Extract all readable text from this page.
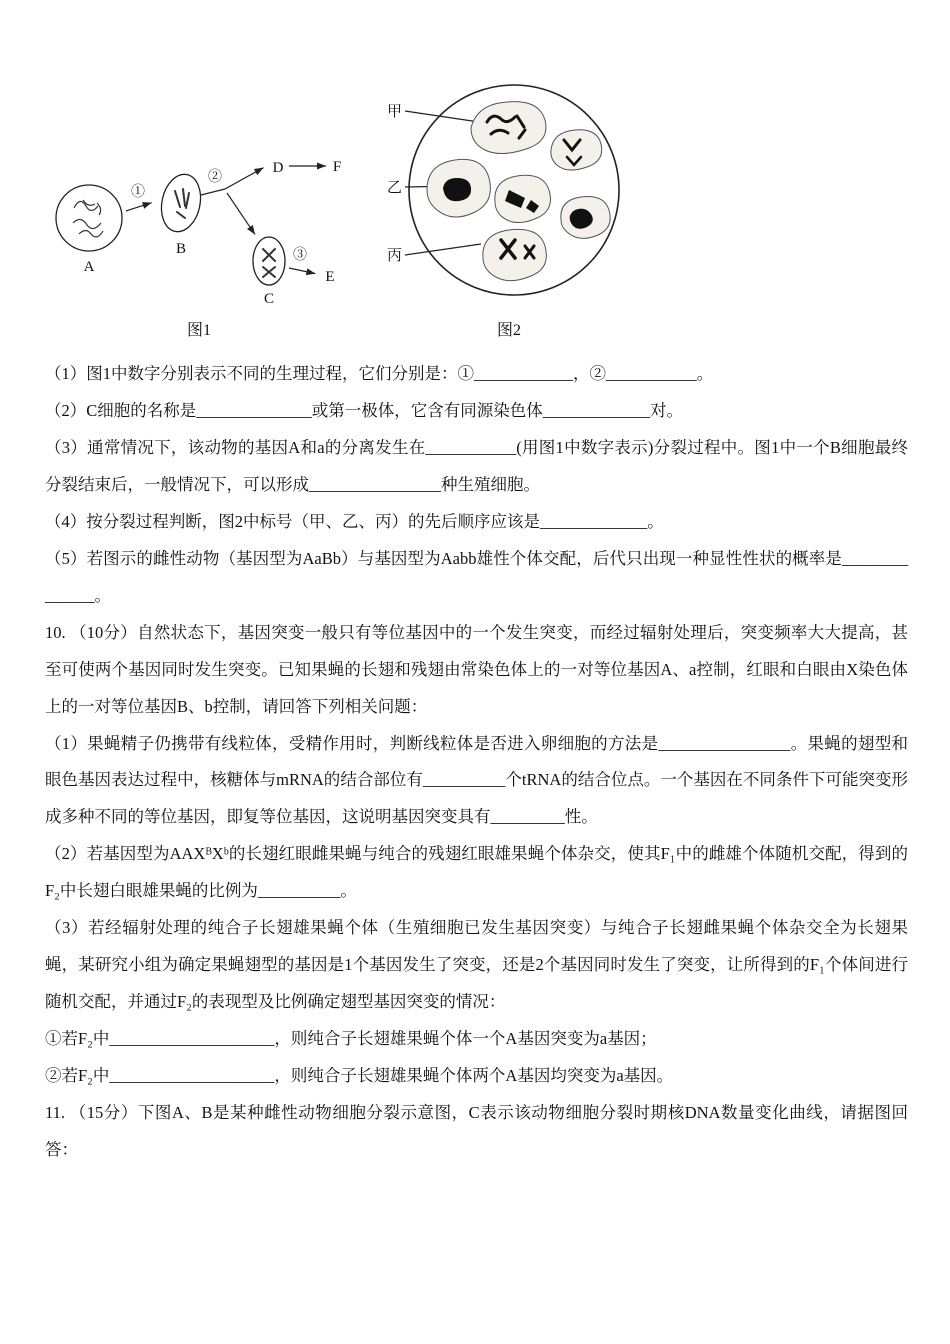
A
①
B
②
D	F
C
③
E
图1
甲
乙
丙
图2

（1）图1中数字分别表示不同的生理过程，它们分别是：①____________，②___________。

（2）C细胞的名称是______________或第一极体，它含有同源染色体_____________对。

（3）通常情况下，该动物的基因A和a的分离发生在___________(用图1中数字表示)分裂过程中。图1中一个B细胞最终分裂结束后，一般情况下，可以形成________________种生殖细胞。

（4）按分裂过程判断，图2中标号（甲、乙、丙）的先后顺序应该是_____________。

（5）若图示的雌性动物（基因型为AaBb）与基因型为Aabb雄性个体交配，后代只出现一种显性性状的概率是______________。

10. （10分）自然状态下，基因突变一般只有等位基因中的一个发生突变，而经过辐射处理后，突变频率大大提高，甚至可使两个基因同时发生突变。已知果蝇的长翅和残翅由常染色体上的一对等位基因A、a控制，红眼和白眼由X染色体上的一对等位基因B、b控制，请回答下列相关问题：

（1）果蝇精子仍携带有线粒体，受精作用时，判断线粒体是否进入卵细胞的方法是________________。果蝇的翅型和眼色基因表达过程中，核糖体与mRNA的结合部位有__________个tRNA的结合位点。一个基因在不同条件下可能突变形成多种不同的等位基因，即复等位基因，这说明基因突变具有_________性。

（2）若基因型为AAXᴮXᵇ的长翅红眼雌果蝇与纯合的残翅红眼雄果蝇个体杂交，使其F₁中的雌雄个体随机交配，得到的F₂中长翅白眼雄果蝇的比例为__________。

（3）若经辐射处理的纯合子长翅雄果蝇个体（生殖细胞已发生基因突变）与纯合子长翅雌果蝇个体杂交全为长翅果蝇，某研究小组为确定果蝇翅型的基因是1个基因发生了突变，还是2个基因同时发生了突变，让所得到的F₁个体间进行随机交配，并通过F₂的表现型及比例确定翅型基因突变的情况：

①若F₂中____________________，则纯合子长翅雄果蝇个体一个A基因突变为a基因；

②若F₂中____________________，则纯合子长翅雄果蝇个体两个A基因均突变为a基因。

11. （15分）下图A、B是某种雌性动物细胞分裂示意图，C表示该动物细胞分裂时期核DNA数量变化曲线，请据图回答：
